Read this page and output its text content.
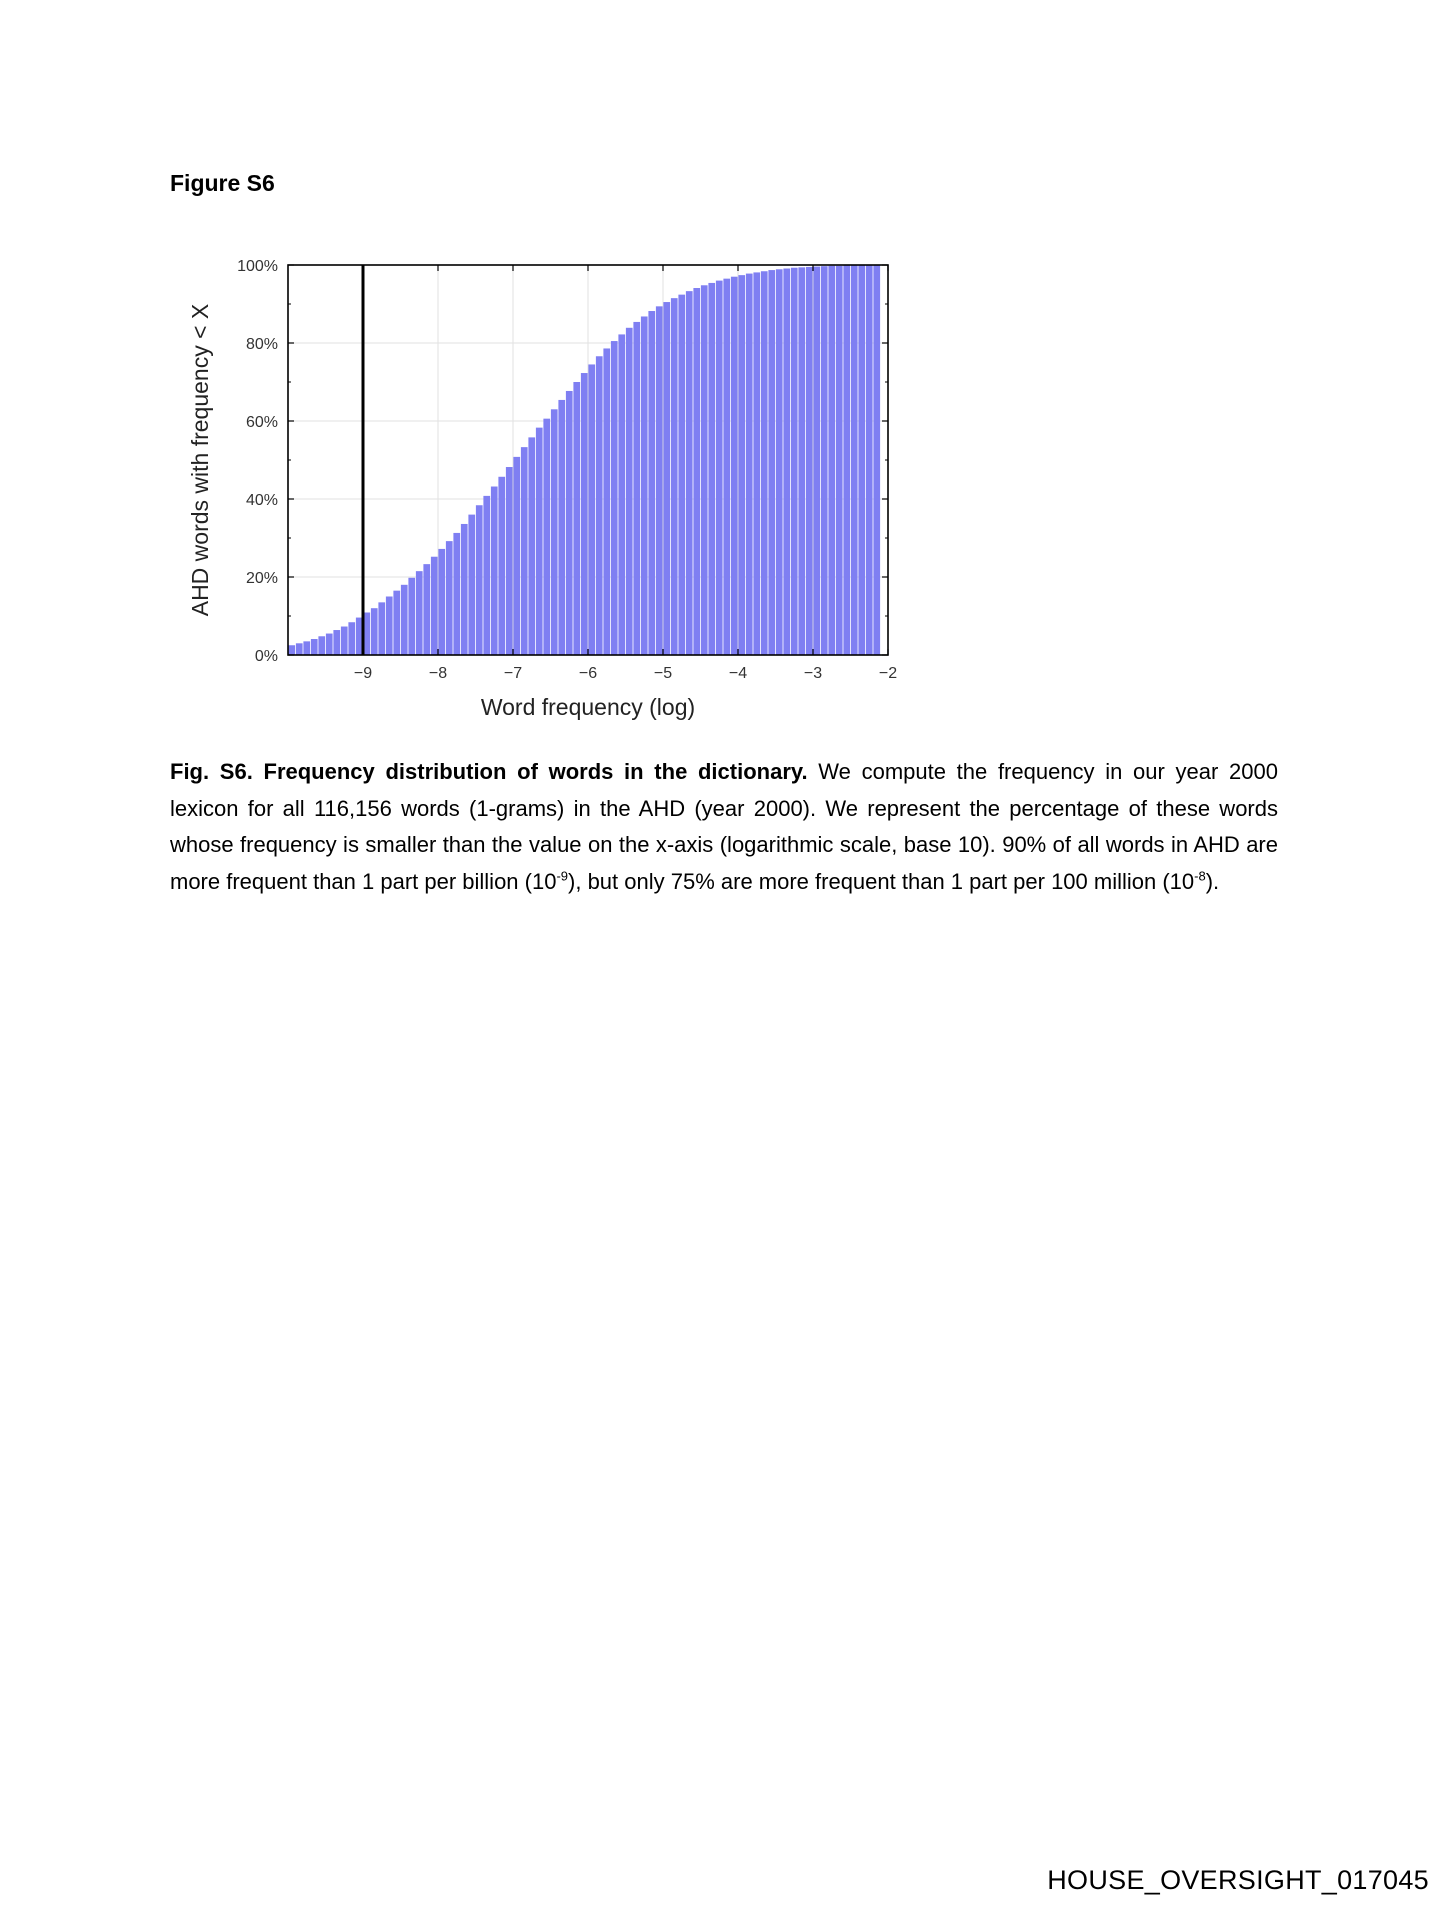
Figure S6
0%
20%
40%
60%
80%
100%
−9	−8	−7	−6	−5	−4	−3	−2
Word frequency (log)
AHD words with frequency < X

Fig. S6. Frequency distribution of words in the dictionary. We compute the frequency in our year 2000 lexicon for all 116,156 words (1-grams) in the AHD (year 2000). We represent the percentage of these words whose frequency is smaller than the value on the x-axis (logarithmic scale, base 10). 90% of all words in AHD are more frequent than 1 part per billion $(10^{-9})$, but only 75% are more frequent than 1 part per 100 million $(10^{-8})$.

HOUSE_OVERSIGHT_017045
